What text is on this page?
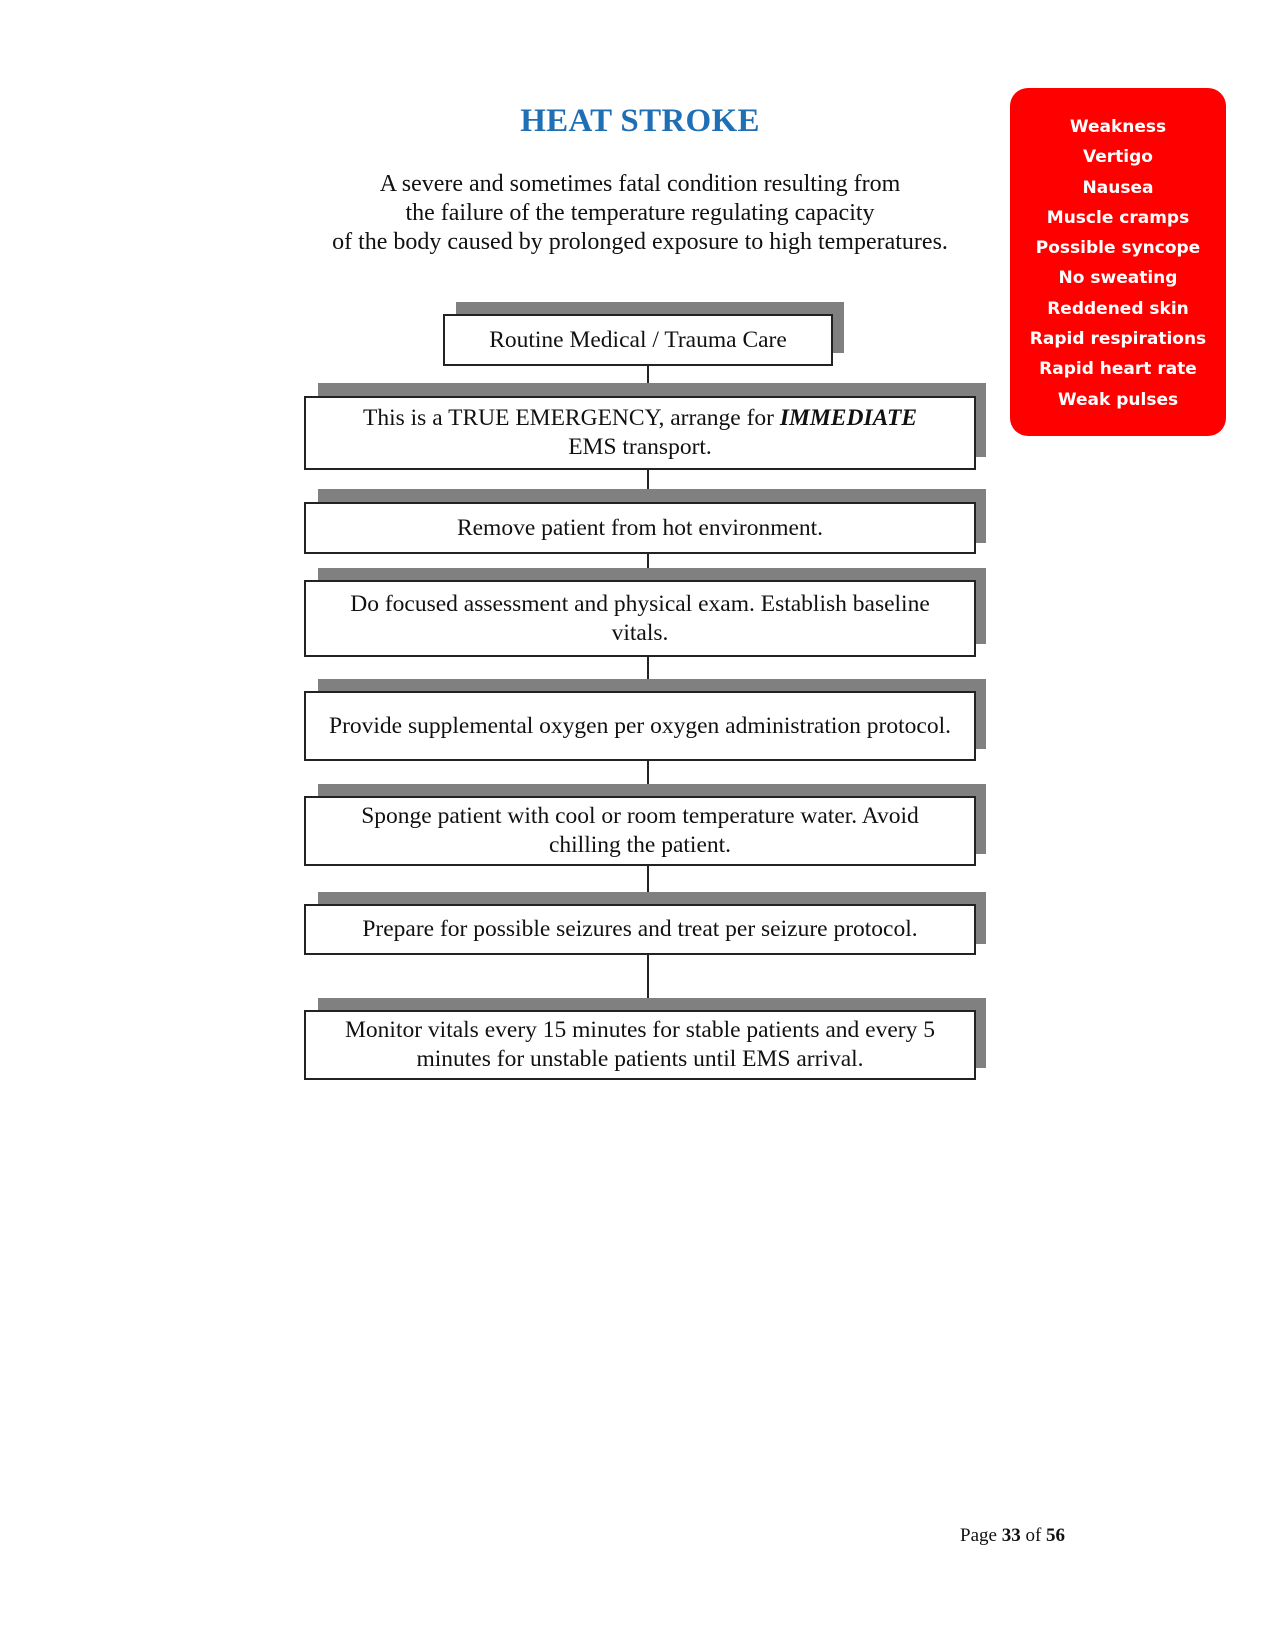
HEAT STROKE
A severe and sometimes fatal condition resulting from
the failure of the temperature regulating capacity
of the body caused by prolonged exposure to high temperatures.
Weakness
Vertigo
Nausea
Muscle cramps
Possible syncope
No sweating
Reddened skin
Rapid respirations
Rapid heart rate
Weak pulses
Routine Medical / Trauma Care
This is a TRUE EMERGENCY, arrange for IMMEDIATE
EMS transport.
Remove patient from hot environment.
Do focused assessment and physical exam. Establish baseline vitals.
Provide supplemental oxygen per oxygen administration protocol.
Sponge patient with cool or room temperature water. Avoid chilling the patient.
Prepare for possible seizures and treat per seizure protocol.
Monitor vitals every 15 minutes for stable patients and every 5 minutes for unstable patients until EMS arrival.
Page 33 of 56
